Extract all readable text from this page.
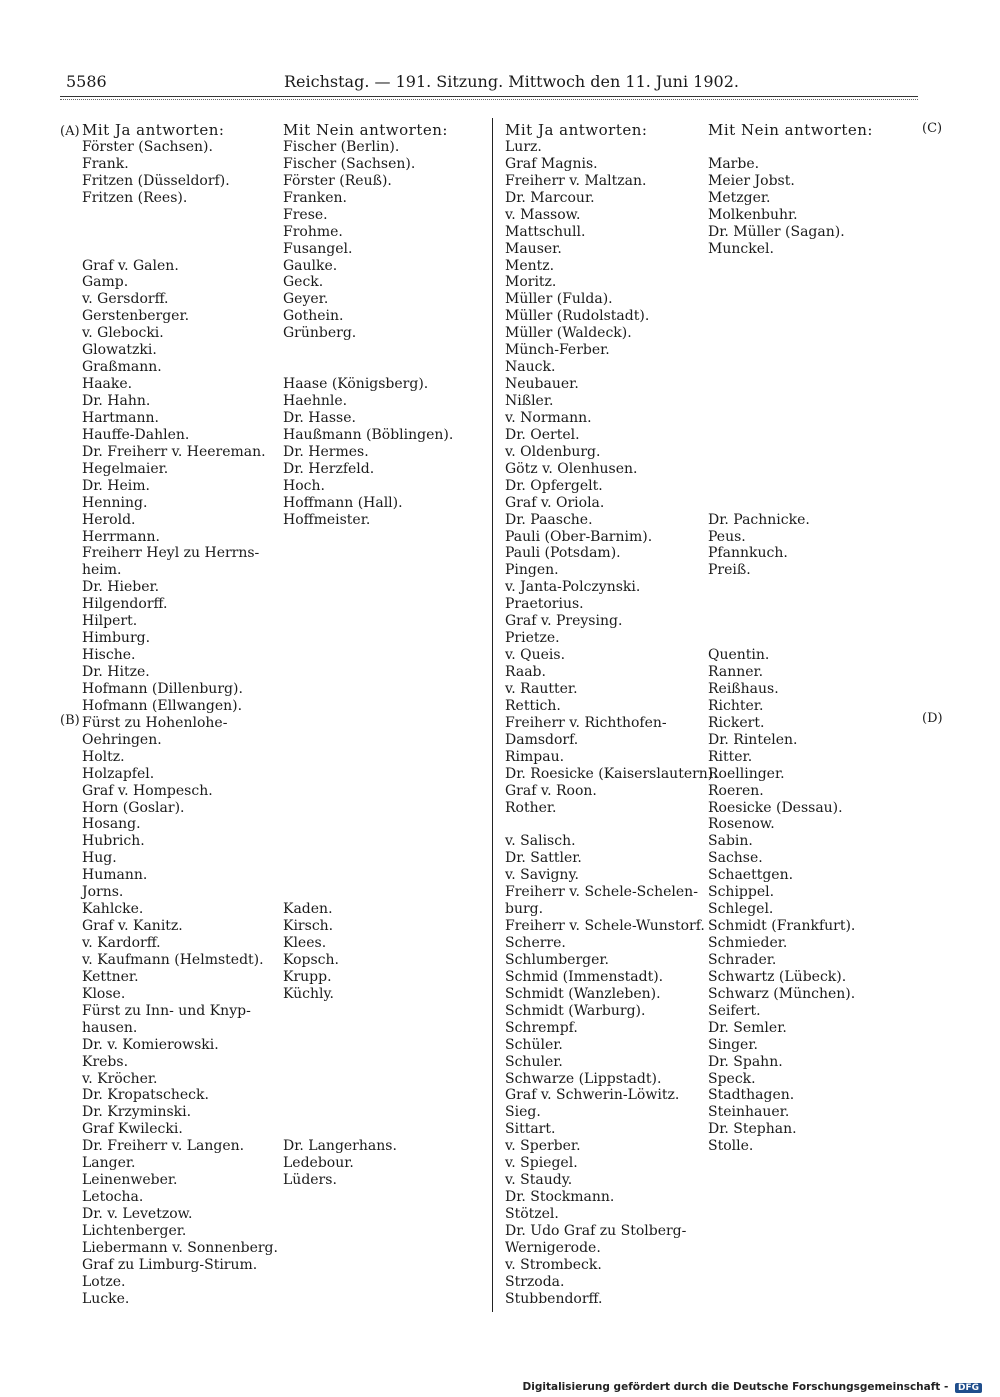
5586	Reichstag. — 191. Sitzung. Mittwoch den 11. Juni 1902.
(A)
(B)
(C)
(D)
Mit Ja antworten:
Förster (Sachsen).
Frank.
Fritzen (Düsseldorf).
Fritzen (Rees).
Graf v. Galen.
Gamp.
v. Gersdorff.
Gerstenberger.
v. Glebocki.
Glowatzki.
Graßmann.
Haake.
Dr. Hahn.
Hartmann.
Hauffe-Dahlen.
Dr. Freiherr v. Heereman.
Hegelmaier.
Dr. Heim.
Henning.
Herold.
Herrmann.
Freiherr Heyl zu Herrns-
heim.
Dr. Hieber.
Hilgendorff.
Hilpert.
Himburg.
Hische.
Dr. Hitze.
Hofmann (Dillenburg).
Hofmann (Ellwangen).
Fürst zu Hohenlohe-
Oehringen.
Holtz.
Holzapfel.
Graf v. Hompesch.
Horn (Goslar).
Hosang.
Hubrich.
Hug.
Humann.
Jorns.
Kahlcke.
Graf v. Kanitz.
v. Kardorff.
v. Kaufmann (Helmstedt).
Kettner.
Klose.
Fürst zu Inn- und Knyp-
hausen.
Dr. v. Komierowski.
Krebs.
v. Kröcher.
Dr. Kropatscheck.
Dr. Krzyminski.
Graf Kwilecki.
Dr. Freiherr v. Langen.
Langer.
Leinenweber.
Letocha.
Dr. v. Levetzow.
Lichtenberger.
Liebermann v. Sonnenberg.
Graf zu Limburg-Stirum.
Lotze.
Lucke.
Mit Nein antworten:
Fischer (Berlin).
Fischer (Sachsen).
Förster (Reuß).
Franken.
Frese.
Frohme.
Fusangel.
Gaulke.
Geck.
Geyer.
Gothein.
Grünberg.
Haase (Königsberg).
Haehnle.
Dr. Hasse.
Haußmann (Böblingen).
Dr. Hermes.
Dr. Herzfeld.
Hoch.
Hoffmann (Hall).
Hoffmeister.
Kaden.
Kirsch.
Klees.
Kopsch.
Krupp.
Küchly.
Dr. Langerhans.
Ledebour.
Lüders.
Mit Ja antworten:
Lurz.
Graf Magnis.
Freiherr v. Maltzan.
Dr. Marcour.
v. Massow.
Mattschull.
Mauser.
Mentz.
Moritz.
Müller (Fulda).
Müller (Rudolstadt).
Müller (Waldeck).
Münch-Ferber.
Nauck.
Neubauer.
Nißler.
v. Normann.
Dr. Oertel.
v. Oldenburg.
Götz v. Olenhusen.
Dr. Opfergelt.
Graf v. Oriola.
Dr. Paasche.
Pauli (Ober-Barnim).
Pauli (Potsdam).
Pingen.
v. Janta-Polczynski.
Praetorius.
Graf v. Preysing.
Prietze.
v. Queis.
Raab.
v. Rautter.
Rettich.
Freiherr v. Richthofen-
Damsdorf.
Rimpau.
Dr. Roesicke (Kaiserslautern).
Graf v. Roon.
Rother.
v. Salisch.
Dr. Sattler.
v. Savigny.
Freiherr v. Schele-Schelen-
burg.
Freiherr v. Schele-Wunstorf.
Scherre.
Schlumberger.
Schmid (Immenstadt).
Schmidt (Wanzleben).
Schmidt (Warburg).
Schrempf.
Schüler.
Schuler.
Schwarze (Lippstadt).
Graf v. Schwerin-Löwitz.
Sieg.
Sittart.
v. Sperber.
v. Spiegel.
v. Staudy.
Dr. Stockmann.
Stötzel.
Dr. Udo Graf zu Stolberg-
Wernigerode.
v. Strombeck.
Strzoda.
Stubbendorff.
Mit Nein antworten:
Marbe.
Meier Jobst.
Metzger.
Molkenbuhr.
Dr. Müller (Sagan).
Munckel.
Dr. Pachnicke.
Peus.
Pfannkuch.
Preiß.
Quentin.
Ranner.
Reißhaus.
Richter.
Rickert.
Dr. Rintelen.
Ritter.
Roellinger.
Roeren.
Roesicke (Dessau).
Rosenow.
Sabin.
Sachse.
Schaettgen.
Schippel.
Schlegel.
Schmidt (Frankfurt).
Schmieder.
Schrader.
Schwartz (Lübeck).
Schwarz (München).
Seifert.
Dr. Semler.
Singer.
Dr. Spahn.
Speck.
Stadthagen.
Steinhauer.
Dr. Stephan.
Stolle.
Digitalisierung gefördert durch die Deutsche Forschungsgemeinschaft - DFG
